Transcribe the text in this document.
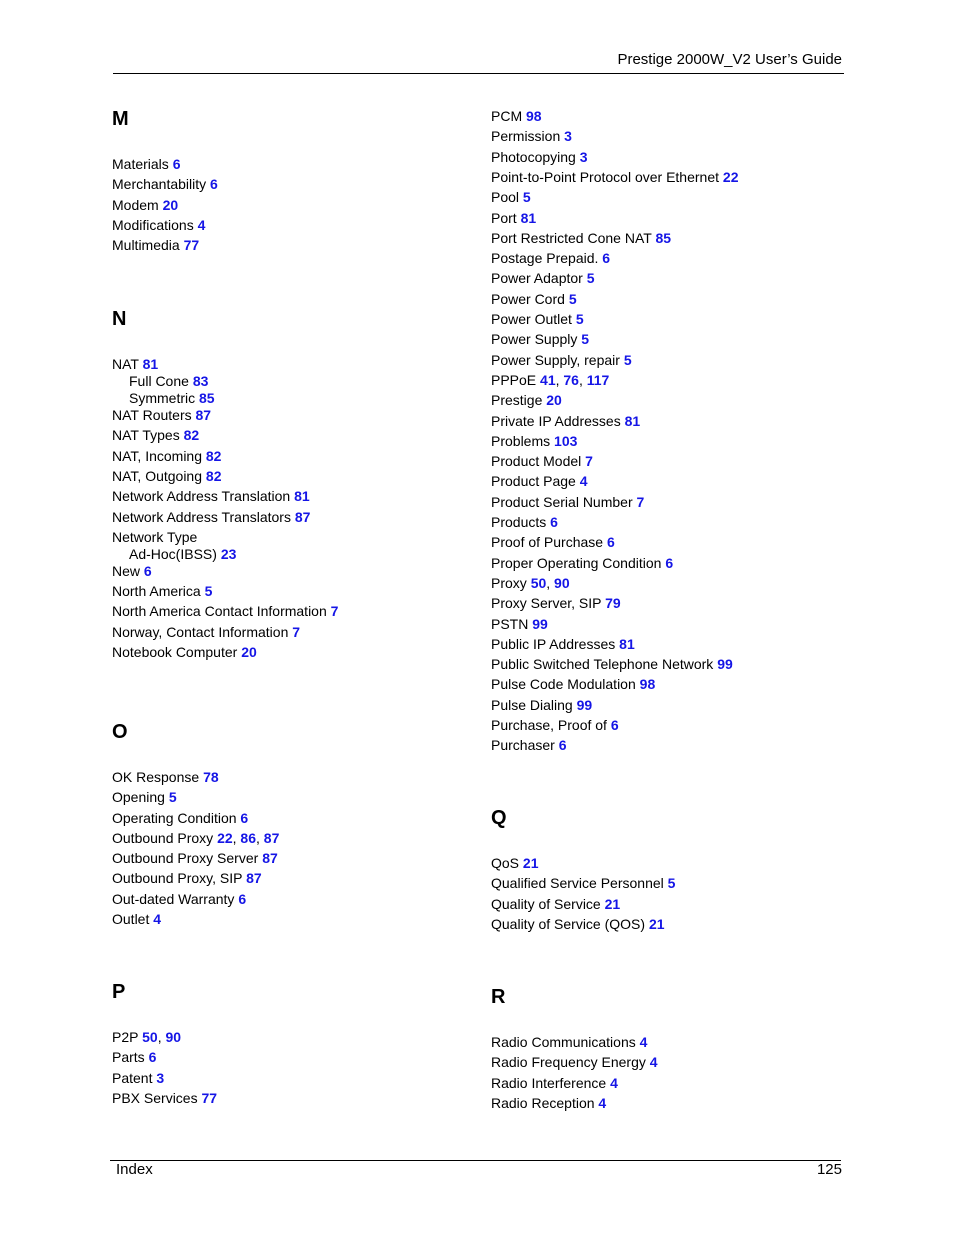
Prestige 2000W_V2 User’s Guide
M
Materials 6
Merchantability 6
Modem 20
Modifications 4
Multimedia 77
N
NAT 81
Full Cone 83
Symmetric 85
NAT Routers 87
NAT Types 82
NAT, Incoming 82
NAT, Outgoing 82
Network Address Translation 81
Network Address Translators 87
Network Type
Ad-Hoc(IBSS) 23
New 6
North America 5
North America Contact Information 7
Norway, Contact Information 7
Notebook Computer 20
O
OK Response 78
Opening 5
Operating Condition 6
Outbound Proxy 22, 86, 87
Outbound Proxy Server 87
Outbound Proxy, SIP 87
Out-dated Warranty 6
Outlet 4
P
P2P 50, 90
Parts 6
Patent 3
PBX Services 77
PCM 98
Permission 3
Photocopying 3
Point-to-Point Protocol over Ethernet 22
Pool 5
Port 81
Port Restricted Cone NAT 85
Postage Prepaid. 6
Power Adaptor 5
Power Cord 5
Power Outlet 5
Power Supply 5
Power Supply, repair 5
PPPoE 41, 76, 117
Prestige 20
Private IP Addresses 81
Problems 103
Product Model 7
Product Page 4
Product Serial Number 7
Products 6
Proof of Purchase 6
Proper Operating Condition 6
Proxy 50, 90
Proxy Server, SIP 79
PSTN 99
Public IP Addresses 81
Public Switched Telephone Network 99
Pulse Code Modulation 98
Pulse Dialing 99
Purchase, Proof of 6
Purchaser 6
Q
QoS 21
Qualified Service Personnel 5
Quality of Service 21
Quality of Service (QOS) 21
R
Radio Communications 4
Radio Frequency Energy 4
Radio Interference 4
Radio Reception 4
Index	125
